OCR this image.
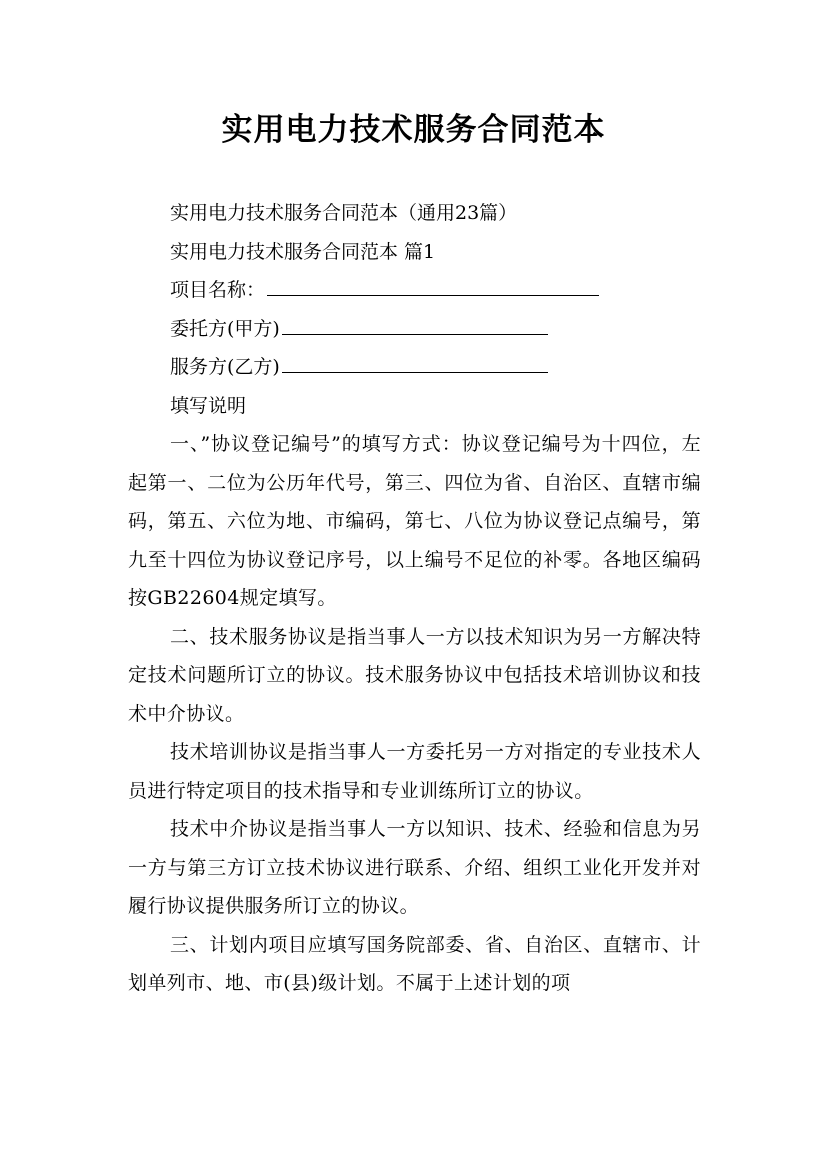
实用电力技术服务合同范本
实用电力技术服务合同范本（通用23篇）
实用电力技术服务合同范本 篇1
项目名称：
委托方(甲方)
服务方(乙方)
填写说明
一、”协议登记编号”的填写方式：协议登记编号为十四位，左起第一、二位为公历年代号，第三、四位为省、自治区、直辖市编码，第五、六位为地、市编码，第七、八位为协议登记点编号，第九至十四位为协议登记序号，以上编号不足位的补零。各地区编码按GB22604规定填写。
二、技术服务协议是指当事人一方以技术知识为另一方解决特定技术问题所订立的协议。技术服务协议中包括技术培训协议和技术中介协议。
技术培训协议是指当事人一方委托另一方对指定的专业技术人员进行特定项目的技术指导和专业训练所订立的协议。
技术中介协议是指当事人一方以知识、技术、经验和信息为另一方与第三方订立技术协议进行联系、介绍、组织工业化开发并对履行协议提供服务所订立的协议。
三、计划内项目应填写国务院部委、省、自治区、直辖市、计划单列市、地、市(县)级计划。不属于上述计划的项
